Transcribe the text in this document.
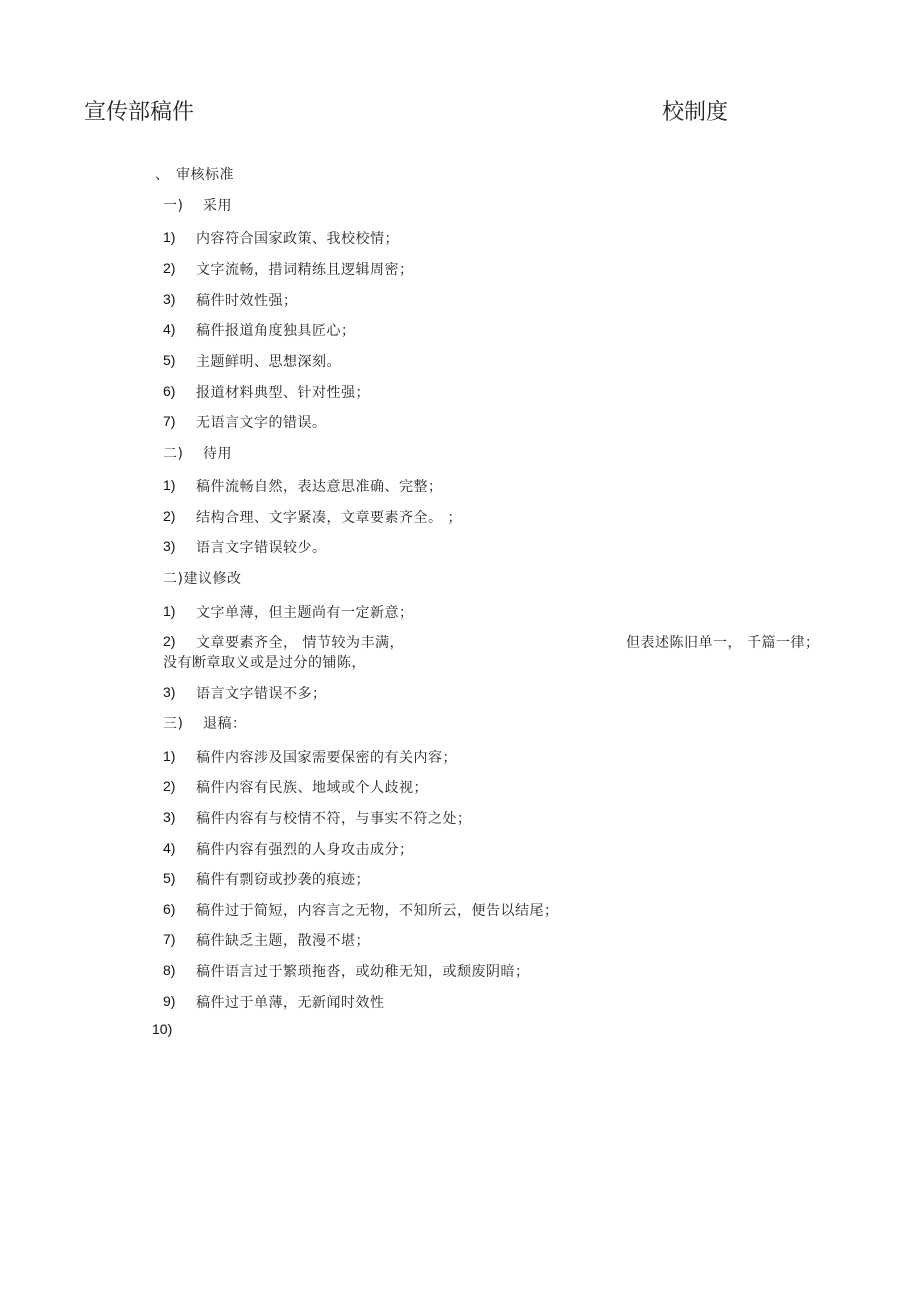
宣传部稿件	校制度
、 审核标准
一) 采用
1) 内容符合国家政策、我校校情；
2) 文字流畅，措词精练且逻辑周密；
3) 稿件时效性强；
4) 稿件报道角度独具匠心；
5) 主题鲜明、思想深刻。
6) 报道材料典型、针对性强；
7) 无语言文字的错误。
二) 待用
1) 稿件流畅自然，表达意思准确、完整；
2) 结构合理、文字紧凑，文章要素齐全。 ；
3) 语言文字错误较少。
二)建议修改
1) 文字单薄，但主题尚有一定新意；
2) 文章要素齐全， 情节较为丰满，	但表述陈旧单一， 千篇一律；
没有断章取义或是过分的铺陈，
3) 语言文字错误不多；
三) 退稿：
1) 稿件内容涉及国家需要保密的有关内容；
2) 稿件内容有民族、地域或个人歧视；
3) 稿件内容有与校情不符，与事实不符之处；
4) 稿件内容有强烈的人身攻击成分；
5) 稿件有剽窃或抄袭的痕迹；
6) 稿件过于简短，内容言之无物，不知所云，便告以结尾；
7) 稿件缺乏主题，散漫不堪；
8) 稿件语言过于繁琐拖沓，或幼稚无知，或颓废阴暗；
9) 稿件过于单薄，无新闻时效性
10)
